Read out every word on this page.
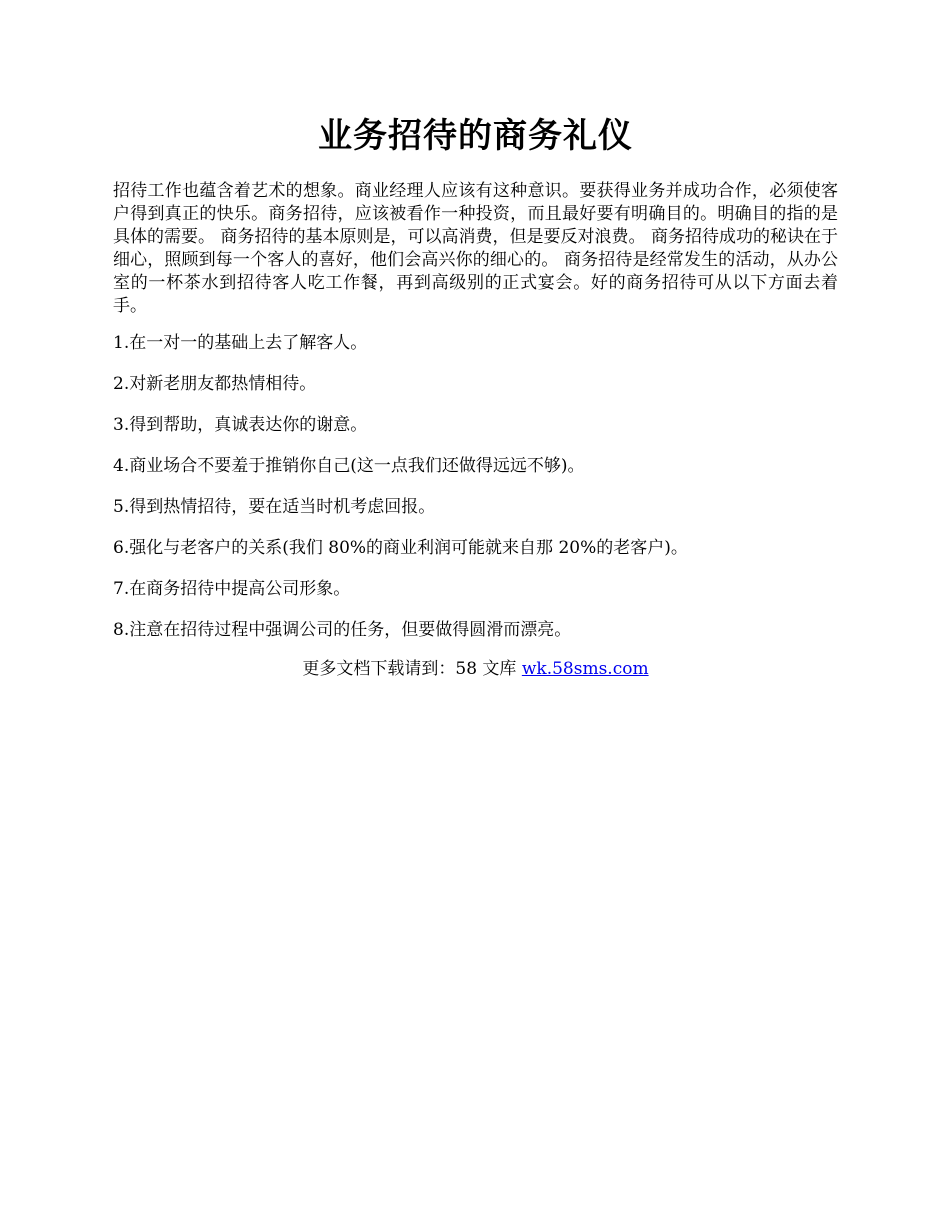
业务招待的商务礼仪

招待工作也蕴含着艺术的想象。商业经理人应该有这种意识。要获得业务并成功合作，必须使客户得到真正的快乐。商务招待，应该被看作一种投资，而且最好要有明确目的。明确目的指的是具体的需要。 商务招待的基本原则是，可以高消费，但是要反对浪费。 商务招待成功的秘诀在于细心，照顾到每一个客人的喜好，他们会高兴你的细心的。 商务招待是经常发生的活动，从办公室的一杯茶水到招待客人吃工作餐，再到高级别的正式宴会。好的商务招待可从以下方面去着手。

1.在一对一的基础上去了解客人。
2.对新老朋友都热情相待。
3.得到帮助，真诚表达你的谢意。
4.商业场合不要羞于推销你自己(这一点我们还做得远远不够)。
5.得到热情招待，要在适当时机考虑回报。
6.强化与老客户的关系(我们 80%的商业利润可能就来自那 20%的老客户)。
7.在商务招待中提高公司形象。
8.注意在招待过程中强调公司的任务，但要做得圆滑而漂亮。
更多文档下载请到：58 文库 wk.58sms.com
